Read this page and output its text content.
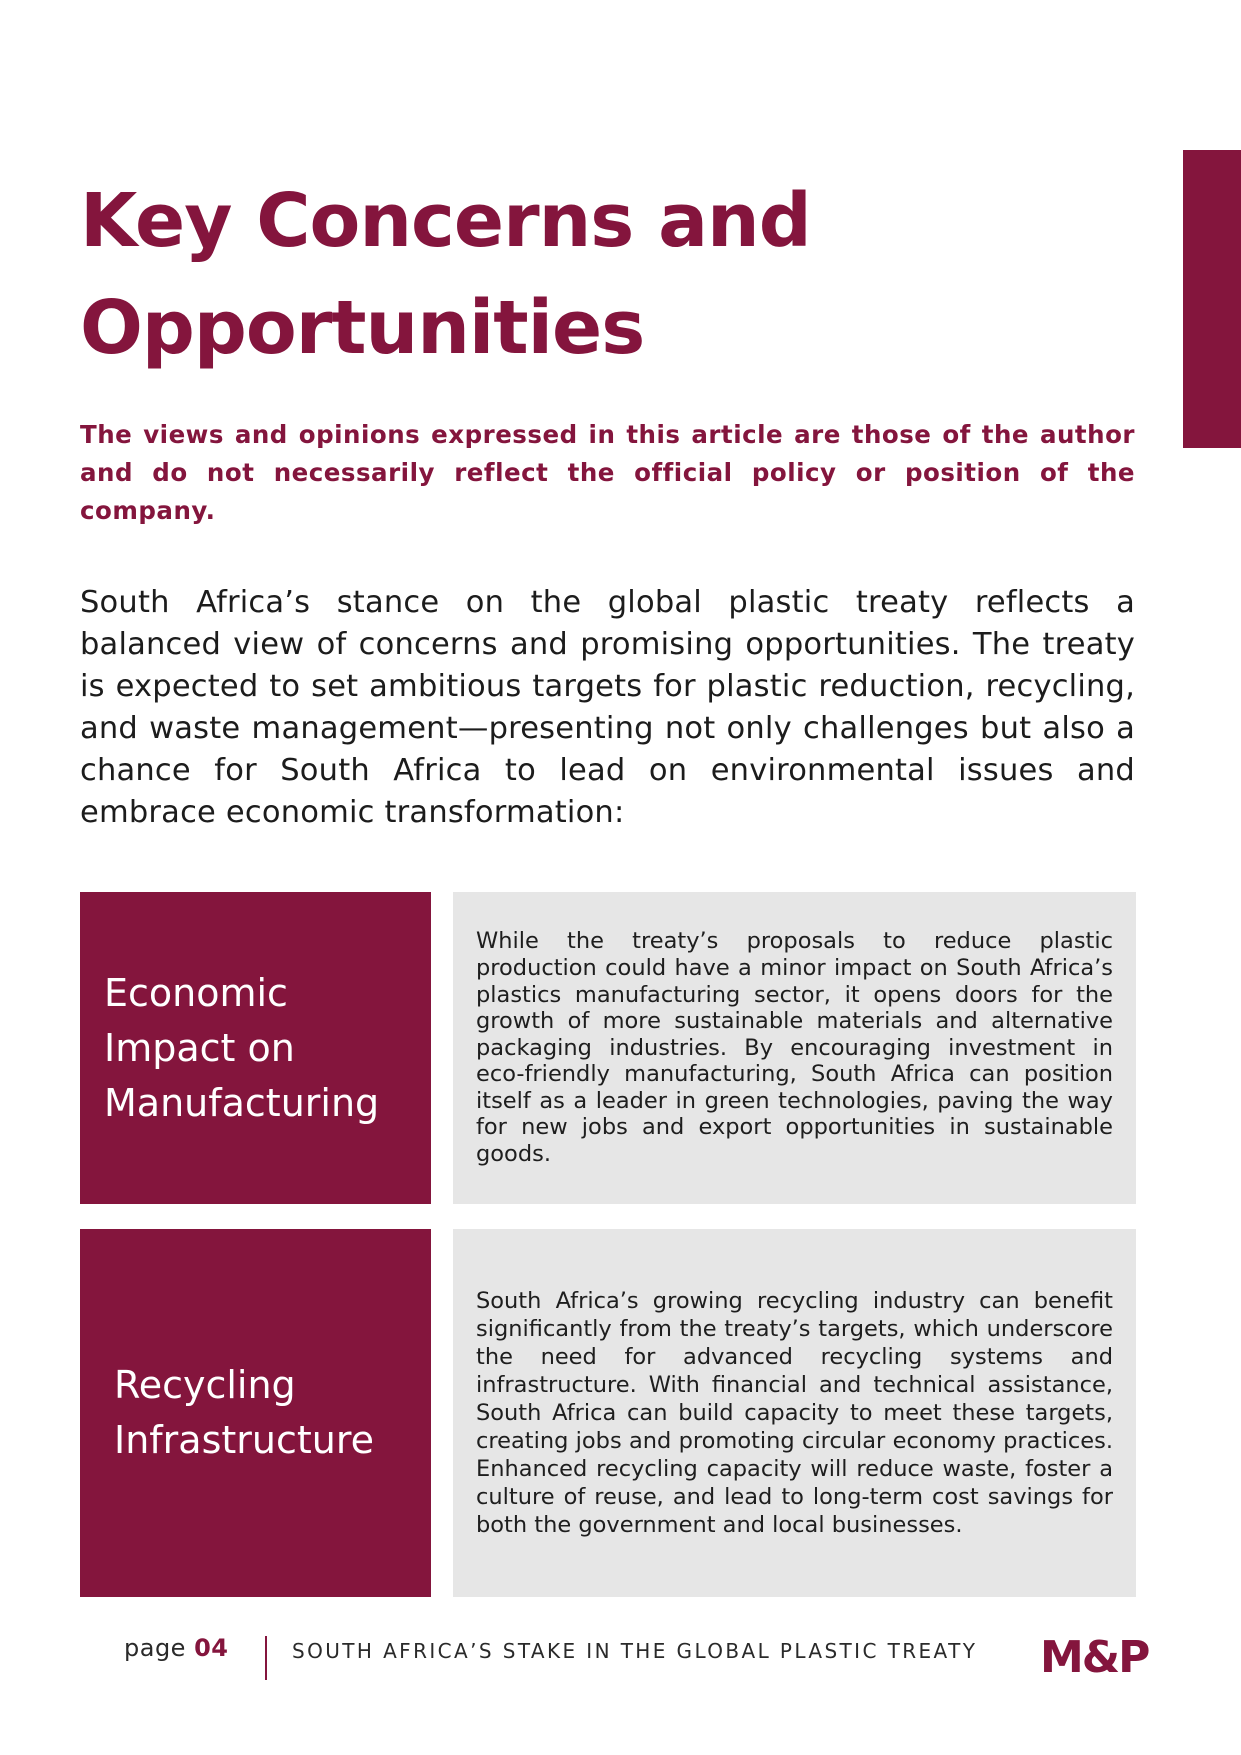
Key Concerns and
Opportunities

The views and opinions expressed in this article are those of the author and do not necessarily reflect the official policy or position of the company.

South Africa’s stance on the global plastic treaty reflects a balanced view of concerns and promising opportunities. The treaty is expected to set ambitious targets for plastic reduction, recycling, and waste management—presenting not only challenges but also a chance for South Africa to lead on environmental issues and embrace economic transformation:

Economic
Impact on
Manufacturing

While the treaty’s proposals to reduce plastic production could have a minor impact on South Africa’s plastics manufacturing sector, it opens doors for the growth of more sustainable materials and alternative packaging industries. By encouraging investment in eco-friendly manufacturing, South Africa can position itself as a leader in green technologies, paving the way for new jobs and export opportunities in sustainable goods.

Recycling
Infrastructure

South Africa’s growing recycling industry can benefit significantly from the treaty’s targets, which underscore the need for advanced recycling systems and infrastructure. With financial and technical assistance, South Africa can build capacity to meet these targets, creating jobs and promoting circular economy practices. Enhanced recycling capacity will reduce waste, foster a culture of reuse, and lead to long-term cost savings for both the government and local businesses.

page 04	SOUTH AFRICA’S STAKE IN THE GLOBAL PLASTIC TREATY M&P
